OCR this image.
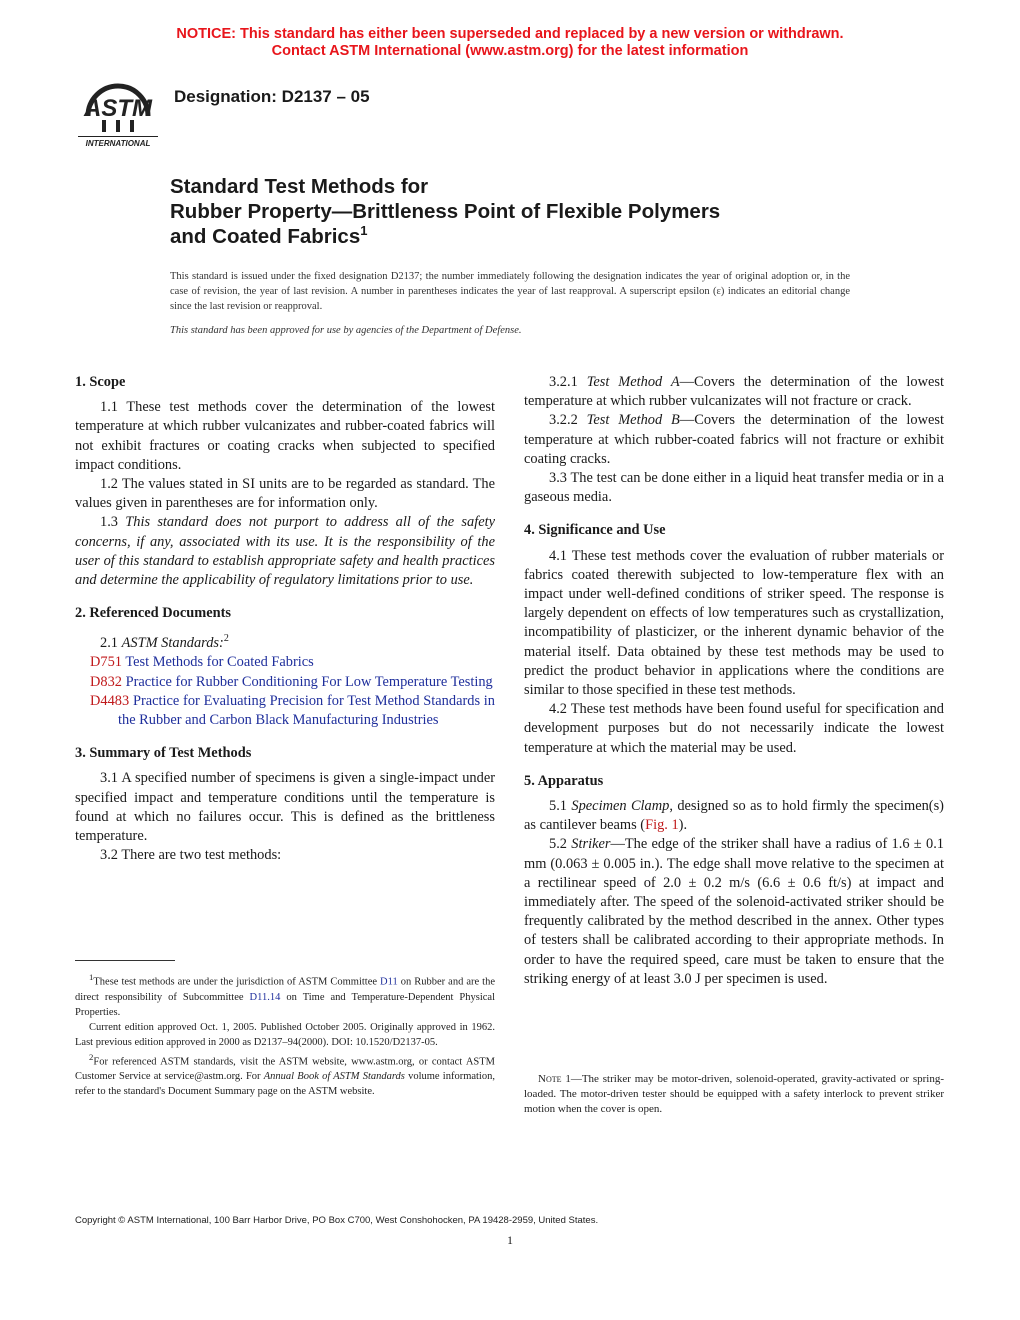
NOTICE: This standard has either been superseded and replaced by a new version or withdrawn.
Contact ASTM International (www.astm.org) for the latest information
ASTM
INTERNATIONAL
Designation: D2137 – 05
Standard Test Methods for
Rubber Property—Brittleness Point of Flexible Polymers
and Coated Fabrics$^1$
This standard is issued under the fixed designation D2137; the number immediately following the designation indicates the year of original adoption or, in the case of revision, the year of last revision. A number in parentheses indicates the year of last reapproval. A superscript epsilon (ε) indicates an editorial change since the last revision or reapproval.
This standard has been approved for use by agencies of the Department of Defense.
1. Scope

1.1 These test methods cover the determination of the lowest temperature at which rubber vulcanizates and rubber-coated fabrics will not exhibit fractures or coating cracks when subjected to specified impact conditions.

1.2 The values stated in SI units are to be regarded as standard. The values given in parentheses are for information only.

1.3 This standard does not purport to address all of the safety concerns, if any, associated with its use. It is the responsibility of the user of this standard to establish appropriate safety and health practices and determine the applicability of regulatory limitations prior to use.

2. Referenced Documents

2.1 ASTM Standards:$^2$

D751 Test Methods for Coated Fabrics

D832 Practice for Rubber Conditioning For Low Temperature Testing

D4483 Practice for Evaluating Precision for Test Method Standards in the Rubber and Carbon Black Manufacturing Industries

3. Summary of Test Methods

3.1 A specified number of specimens is given a single-impact under specified impact and temperature conditions until the temperature is found at which no failures occur. This is defined as the brittleness temperature.

3.2 There are two test methods:

3.2.1 Test Method A—Covers the determination of the lowest temperature at which rubber vulcanizates will not fracture or crack.

3.2.2 Test Method B—Covers the determination of the lowest temperature at which rubber-coated fabrics will not fracture or exhibit coating cracks.

3.3 The test can be done either in a liquid heat transfer media or in a gaseous media.

4. Significance and Use

4.1 These test methods cover the evaluation of rubber materials or fabrics coated therewith subjected to low-temperature flex with an impact under well-defined conditions of striker speed. The response is largely dependent on effects of low temperatures such as crystallization, incompatibility of plasticizer, or the inherent dynamic behavior of the material itself. Data obtained by these test methods may be used to predict the product behavior in applications where the conditions are similar to those specified in these test methods.

4.2 These test methods have been found useful for specification and development purposes but do not necessarily indicate the lowest temperature at which the material may be used.

5. Apparatus

5.1 Specimen Clamp, designed so as to hold firmly the specimen(s) as cantilever beams (Fig. 1).

5.2 Striker—The edge of the striker shall have a radius of 1.6 ± 0.1 mm (0.063 ± 0.005 in.). The edge shall move relative to the specimen at a rectilinear speed of 2.0 ± 0.2 m/s (6.6 ± 0.6 ft/s) at impact and immediately after. The speed of the solenoid-activated striker should be frequently calibrated by the method described in the annex. Other types of testers shall be calibrated according to their appropriate methods. In order to have the required speed, care must be taken to ensure that the striking energy of at least 3.0 J per specimen is used.

Note 1—The striker may be motor-driven, solenoid-operated, gravity-activated or spring-loaded. The motor-driven tester should be equipped with a safety interlock to prevent striker motion when the cover is open.

$^1$These test methods are under the jurisdiction of ASTM Committee D11 on Rubber and are the direct responsibility of Subcommittee D11.14 on Time and Temperature-Dependent Physical Properties.

Current edition approved Oct. 1, 2005. Published October 2005. Originally approved in 1962. Last previous edition approved in 2000 as D2137–94(2000). DOI: 10.1520/D2137-05.

$^2$For referenced ASTM standards, visit the ASTM website, www.astm.org, or contact ASTM Customer Service at service@astm.org. For Annual Book of ASTM Standards volume information, refer to the standard's Document Summary page on the ASTM website.

Copyright © ASTM International, 100 Barr Harbor Drive, PO Box C700, West Conshohocken, PA 19428-2959, United States.
1
